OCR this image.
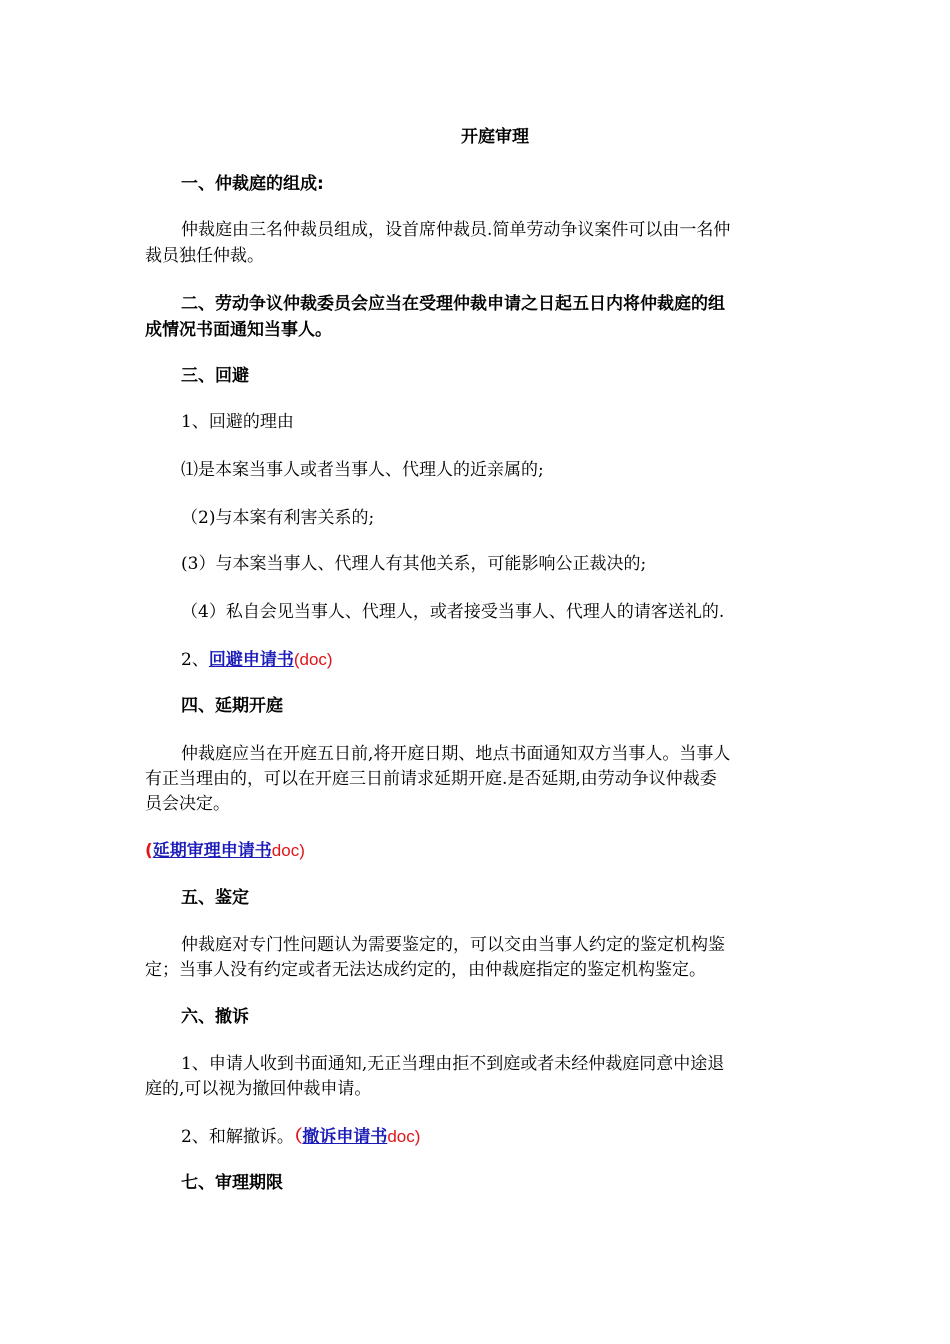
开庭审理
一、仲裁庭的组成:
仲裁庭由三名仲裁员组成，设首席仲裁员.简单劳动争议案件可以由一名仲
裁员独任仲裁。
二、劳动争议仲裁委员会应当在受理仲裁申请之日起五日内将仲裁庭的组
成情况书面通知当事人。
三、回避
1、回避的理由
⑴是本案当事人或者当事人、代理人的近亲属的;
（2)与本案有利害关系的;
(3）与本案当事人、代理人有其他关系，可能影响公正裁决的;
（4）私自会见当事人、代理人，或者接受当事人、代理人的请客送礼的.
2、回避申请书(doc)
四、延期开庭
仲裁庭应当在开庭五日前,将开庭日期、地点书面通知双方当事人。当事人
有正当理由的，可以在开庭三日前请求延期开庭.是否延期,由劳动争议仲裁委
员会决定。
(延期审理申请书doc)
五、鉴定
仲裁庭对专门性问题认为需要鉴定的，可以交由当事人约定的鉴定机构鉴
定；当事人没有约定或者无法达成约定的，由仲裁庭指定的鉴定机构鉴定。
六、撤诉
1、申请人收到书面通知,无正当理由拒不到庭或者未经仲裁庭同意中途退
庭的,可以视为撤回仲裁申请。
2、和解撤诉。（撤诉申请书doc)
七、审理期限
